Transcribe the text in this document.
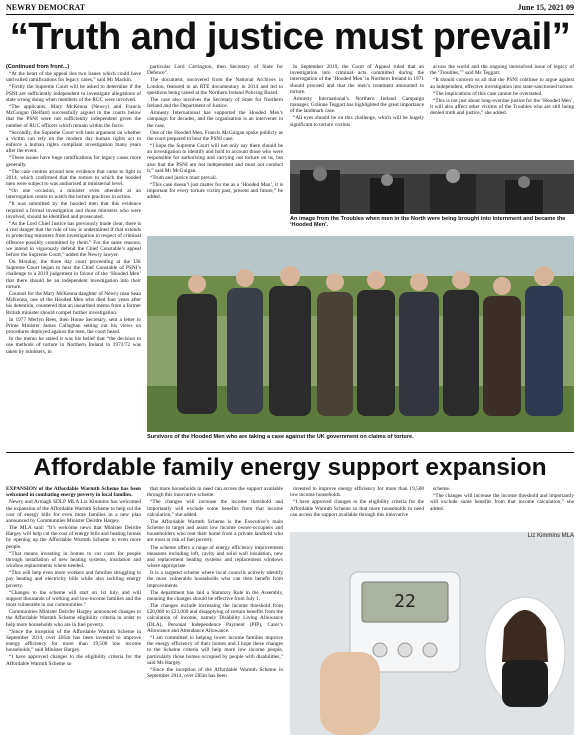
NEWRY DEMOCRAT	June 15, 2021 09
“Truth and justice must prevail”

(Continued from front...)

“At the heart of the appeal lies two issues which could have unrivalled ramifications for legacy cases,” said Mr Mackin.

“Firstly the Supreme Court will be asked to determine if the PSNI are sufficiently independent to investigate allegations of state wrong doing when members of the RUC were involved.

“The applicants, Mary McKenna (Newry) and Francis McGuigan (Belfast) successfully argued in the courts below that the PSNI were not sufficiently independent given the number of RUC officers which remain within the force.

“Secondly, the Supreme Court will hear argument on whether a victim can rely on the modern day human rights act to enforce a human rights compliant investigation many years after the event.

“These issues have huge ramifications for legacy cases more generally.

“The case centres around new evidence that came to light in 2014, which confirmed that the torture to which the hooded men were subject to was authorised at ministerial level.

“On one occasion, a minister even attended at an interrogation centre to watch the torture practices in action.

“It was submitted by the hooded men that this evidence required a formal investigation and those ministers who were involved, should be identified and prosecuted.

“As the Lord Chief Justice has previously made clear, there is a real danger that the rule of law is undermined if that extends to protecting ministers from investigation in respect of criminal offences possibly committed by them.” For the same reasons, we intend to vigorously defend the Chief Constable’s appeal before the Supreme Court,” added the Newry lawyer.

On Monday, the three day court proceeding at the UK Supreme Court began to hear the Chief Constable of PSNI’s challenge to a 2019 judgement in favour of the ‘Hooded Men’ that there should be an independent investigation into their torture.

Counsel for the Mary McKenna daughter of Newry man Sean McKenna, one of the Hooded Men who died four years after his detention, countered that an unearthed memo from a former British minister should compel further investigation.

In 1977 Merlyn Rees, then Home Secretary, sent a letter to Prime Minister James Callaghan setting out his views on procedures deployed against the men, the court heard.

In the memo he stated it was his belief that “the decision to use methods of torture in Northern Ireland in 1971/72 was taken by ministers, in

particular Lord Carrington, then Secretary of State for Defence”.

The document, uncovered from the National Archives in London, featured in an RTE documentary in 2014 and led to questions being raised at the Northern Ireland Policing Board.

The case also involves the Secretary of State for Northern Ireland and the Department of Justice.

Amnesty International has supported the Hooded Men’s campaign for decades, and the organisation is an intervener in the case.

One of the Hooded Men, Francis McGuigan spoke publicly as the court prepared to hear the PSNI case.

“I hope the Supreme Court will not only say there should be an investigation to identify and hold to account those who were responsible for authorising and carrying out torture on us, but also that the PSNI are not independent and must not conduct it,” said Mr McGuigan.

“Truth and justice must prevail.

“This case doesn’t just matter for me as a ‘Hooded Man’, it is important for every torture victim past, present and future,” he added.

In September 2019, the Court of Appeal ruled that an investigation into criminal acts committed during the interrogation of the ‘Hooded Men’ in Northern Ireland in 1971 should proceed and that the men’s treatment amounted to torture.

Amnesty International’s Northern Ireland Campaign manager, Gráinne Teggart has highlighted the great importance of the landmark case.

“All eyes should be on this challenge, which will be hugely significant to torture victims

across the world and the ongoing unresolved issue of legacy of the ‘Troubles,’” said Ms Teggart.

“It should concern us all that the PSNI continue to argue against an independent, effective investigation into state-sanctioned torture.

“The implications of this case cannot be overstated.

“This is not just about long-overdue justice for the ‘Hooded Men’, it will also affect other victims of the Troubles who are still being denied truth and justice,” she added.

An image from the Troubles when men in the North were being brought into internment and became the ‘Hooded Men’.
Survivors of the Hooded Men who are taking a case against the UK government on claims of torture.
Affordable family energy support expansion

EXPANSION of the Affordable Warmth Scheme has been welcomed in combating energy poverty in local families.

Newry and Armagh SDLP MLA Liz Kimmins has welcomed the expansion of the Affordable Warmth Scheme to help cut the cost of energy bills for even more families in a new plan announced by Communities Minister Deirdre Hargey.

The MLA said: “It’s welcome news that Minister Deirdre Hargey will help cut the cost of energy bills and heating homes by opening up the Affordable Warmth Scheme to even more people.

“That means investing in homes to cut costs for people through installation of new heating systems, insulation and window replacements where needed.

“This will help even more workers and families struggling to pay heating and electricity bills while also tackling energy poverty.

“Changes to the scheme will start on 1st July, and will support thousands of working and low-income families and the most vulnerable in our communities.”

Communities Minister Deirdre Hargey announced changes to the Affordable Warmth Scheme eligibility criteria in order to help more households who are in fuel poverty.

“Since the inception of the Affordable Warmth Scheme in September 2014, over £85m has been invested to improve energy efficiency for more than 19,500 low income households,” said Minister Hargey.

“I have approved changes to the eligibility criteria for the Affordable Warmth Scheme so

that more households in need can access the support available through this innovative scheme.

“The changes will increase the income threshold and importantly will exclude some benefits from that income calculation,” she added.

The Affordable Warmth Scheme is the Executive’s main Scheme to target and assist low income owner-occupiers and householders who rent their home from a private landlord who are most at risk of fuel poverty.

The scheme offers a range of energy efficiency improvement measures including loft, cavity and solid wall insulation, new and replacement heating systems and replacement windows where appropriate.

It is a targeted scheme where local councils actively identify the most vulnerable households who can then benefit from improvements.

The department has laid a Statutory Rule in the Assembly, meaning the changes should be effective from July 1.

The changes include increasing the income threshold from £20,000 to £23,000 and disapplying of certain benefits from the calculation of income, namely Disability Living Allowance (DLA), Personal Independence Payment (PIP), Carer’s Allowance and Attendance Allowance.

“I am committed to helping lower income families improve the energy efficiency of their homes and I hope these changes to the Scheme criteria will help more low income people, particularly those homes occupied by people with disabilities,” said Ms Hargey.

“Since the inception of the Affordable Warmth Scheme in September 2014, over £85m has been

invested to improve energy efficiency for more than 19,500 low income households.

“I have approved changes to the eligibility criteria for the Affordable Warmth Scheme so that more households in need can access the support available through this innovative

scheme.

“The changes will increase the income threshold and importantly will exclude some benefits from that income calculation,” she added.

22
Liz Kimmins MLA
